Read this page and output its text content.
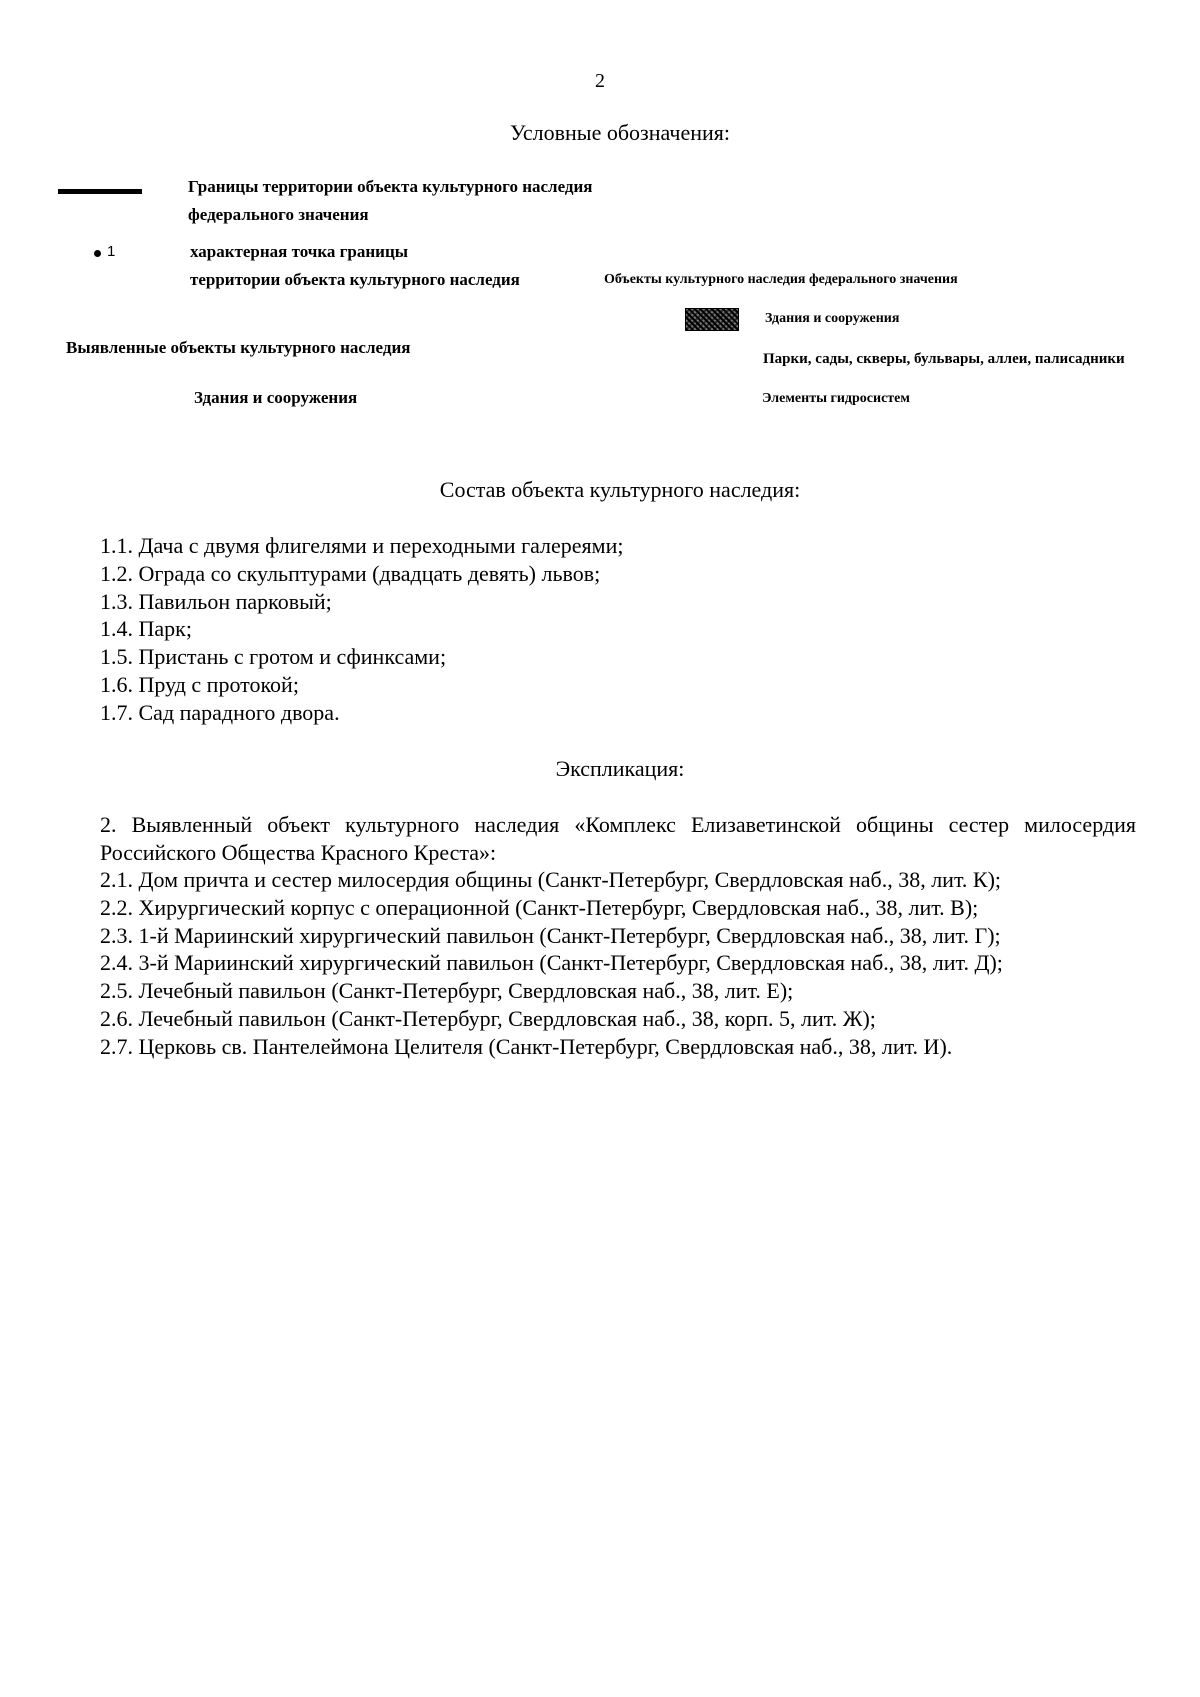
2
Условные обозначения:
Границы территории объекта культурного наследия
федерального значения
1	характерная точка границы
территории объекта культурного наследия	Объекты культурного наследия федерального значения
Здания и сооружения
Парки, сады, скверы, бульвары, аллеи, палисадники
Элементы гидросистем
Выявленные объекты культурного наследия
Здания и сооружения
Состав объекта культурного наследия:
1.1. Дача с двумя флигелями и переходными галереями;
1.2. Ограда со скульптурами (двадцать девять) львов;
1.3. Павильон парковый;
1.4. Парк;
1.5. Пристань с гротом и сфинксами;
1.6. Пруд с протокой;
1.7. Сад парадного двора.
Экспликация:
2. Выявленный объект культурного наследия «Комплекс Елизаветинской общины сестер милосердия Российского Общества Красного Креста»:
2.1. Дом причта и сестер милосердия общины (Санкт-Петербург, Свердловская наб., 38, лит. К);
2.2. Хирургический корпус с операционной (Санкт-Петербург, Свердловская наб., 38, лит. В);
2.3. 1-й Мариинский хирургический павильон (Санкт-Петербург, Свердловская наб., 38, лит. Г);
2.4. 3-й Мариинский хирургический павильон (Санкт-Петербург, Свердловская наб., 38, лит. Д);
2.5. Лечебный павильон (Санкт-Петербург, Свердловская наб., 38, лит. Е);
2.6. Лечебный павильон (Санкт-Петербург, Свердловская наб., 38, корп. 5, лит. Ж);
2.7. Церковь св. Пантелеймона Целителя (Санкт-Петербург, Свердловская наб., 38, лит. И).
